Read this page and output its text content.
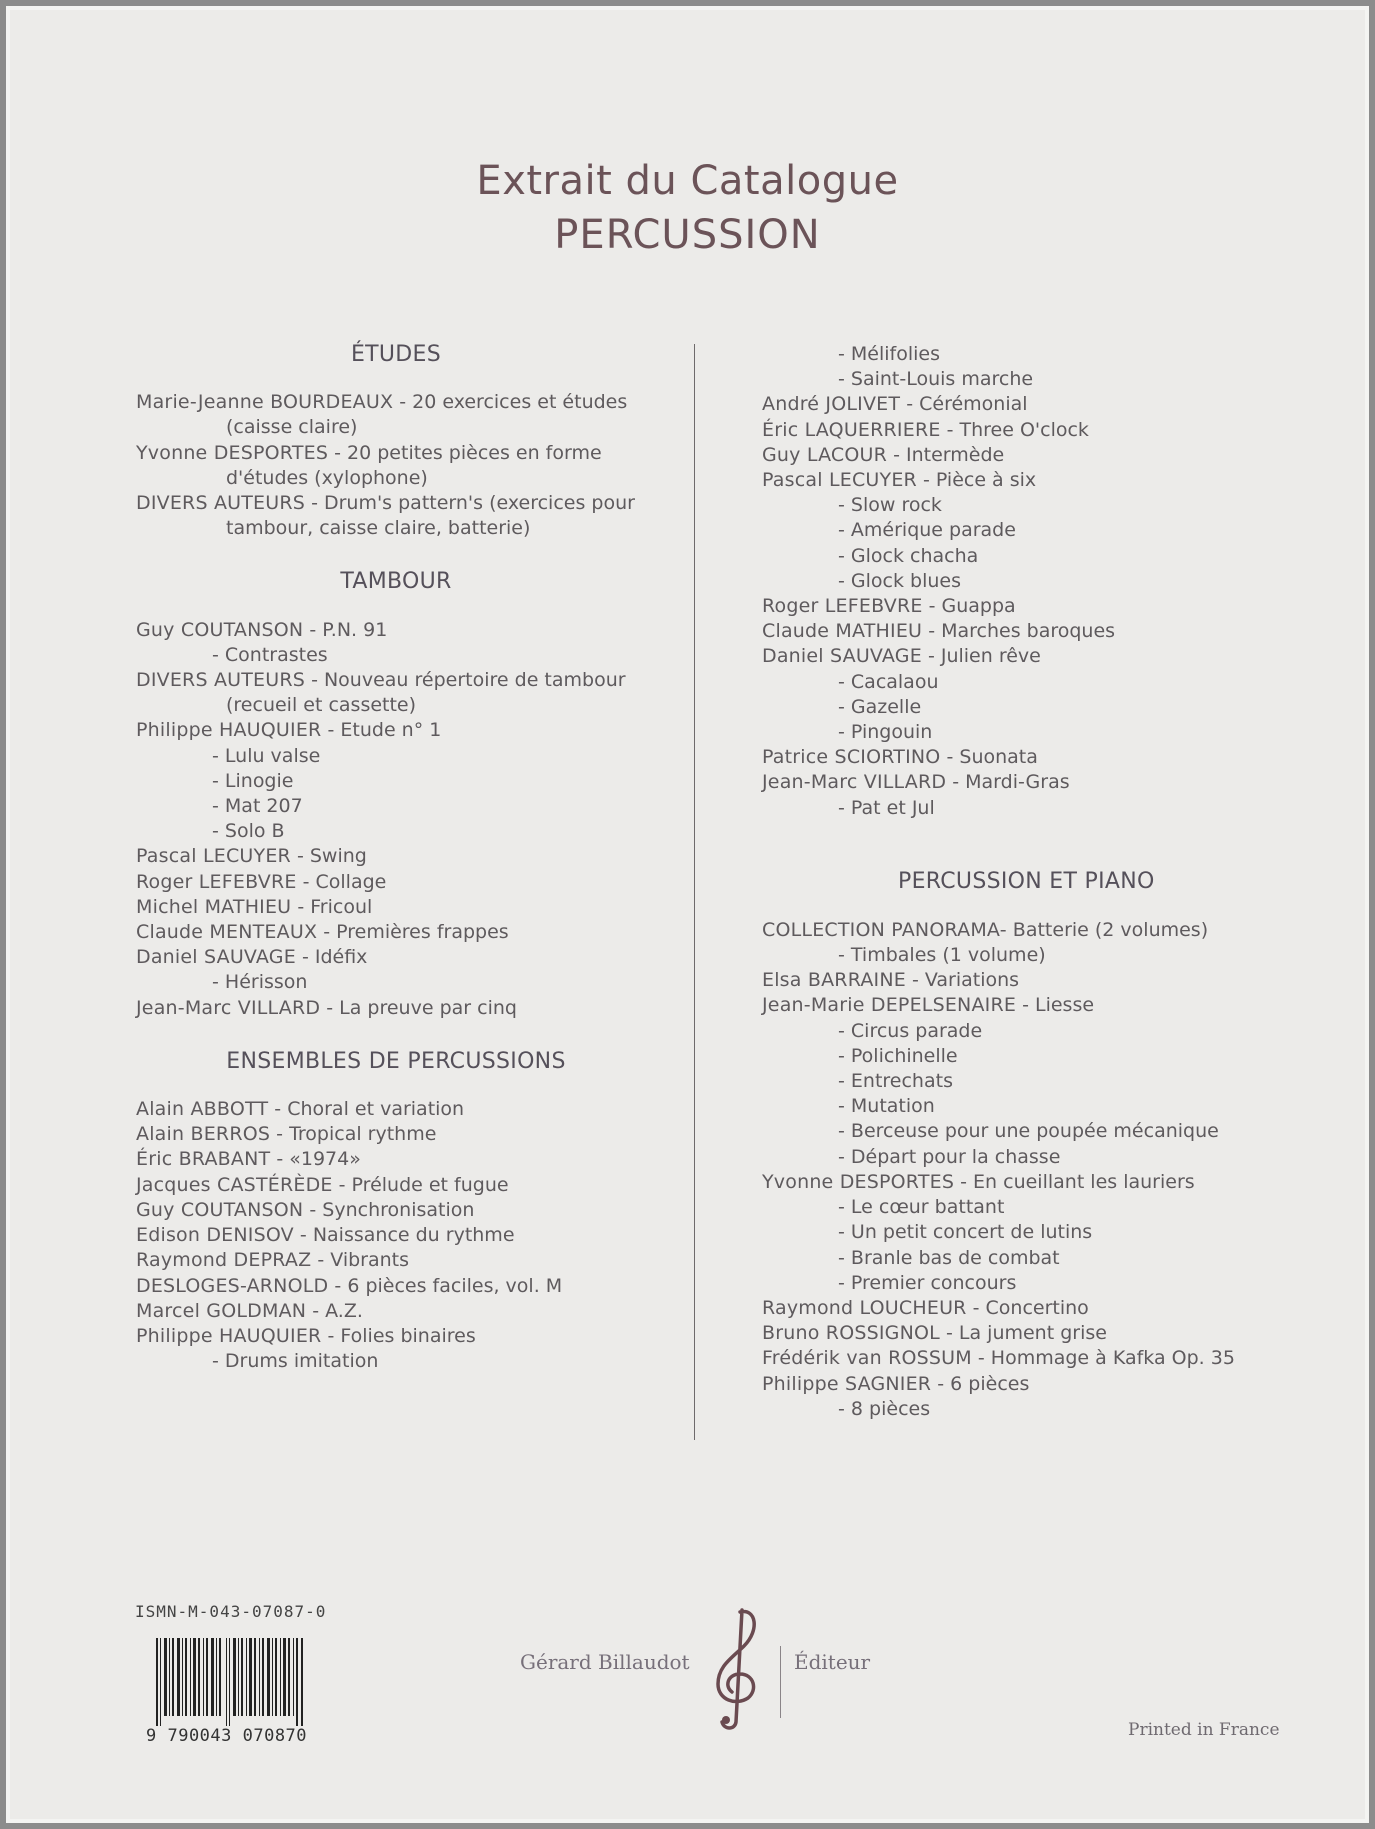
Extrait du Catalogue
PERCUSSION
ÉTUDES
Marie-Jeanne BOURDEAUX - 20 exercices et études
(caisse claire)
Yvonne DESPORTES - 20 petites pièces en forme
d'études (xylophone)
DIVERS AUTEURS - Drum's pattern's (exercices pour
tambour, caisse claire, batterie)
TAMBOUR
Guy COUTANSON - P.N. 91
- Contrastes
DIVERS AUTEURS - Nouveau répertoire de tambour
(recueil et cassette)
Philippe HAUQUIER - Etude n° 1
- Lulu valse
- Linogie
- Mat 207
- Solo B
Pascal LECUYER - Swing
Roger LEFEBVRE - Collage
Michel MATHIEU - Fricoul
Claude MENTEAUX - Premières frappes
Daniel SAUVAGE - Idéfix
- Hérisson
Jean-Marc VILLARD - La preuve par cinq
ENSEMBLES DE PERCUSSIONS
Alain ABBOTT - Choral et variation
Alain BERROS - Tropical rythme
Éric BRABANT - «1974»
Jacques CASTÉRÈDE - Prélude et fugue
Guy COUTANSON - Synchronisation
Edison DENISOV - Naissance du rythme
Raymond DEPRAZ - Vibrants
DESLOGES-ARNOLD - 6 pièces faciles, vol. M
Marcel GOLDMAN - A.Z.
Philippe HAUQUIER - Folies binaires
- Drums imitation
- Mélifolies
- Saint-Louis marche
André JOLIVET - Cérémonial
Éric LAQUERRIERE - Three O'clock
Guy LACOUR - Intermède
Pascal LECUYER - Pièce à six
- Slow rock
- Amérique parade
- Glock chacha
- Glock blues
Roger LEFEBVRE - Guappa
Claude MATHIEU - Marches baroques
Daniel SAUVAGE - Julien rêve
- Cacalaou
- Gazelle
- Pingouin
Patrice SCIORTINO - Suonata
Jean-Marc VILLARD - Mardi-Gras
- Pat et Jul
PERCUSSION ET PIANO
COLLECTION PANORAMA- Batterie (2 volumes)
- Timbales (1 volume)
Elsa BARRAINE - Variations
Jean-Marie DEPELSENAIRE - Liesse
- Circus parade
- Polichinelle
- Entrechats
- Mutation
- Berceuse pour une poupée mécanique
- Départ pour la chasse
Yvonne DESPORTES - En cueillant les lauriers
- Le cœur battant
- Un petit concert de lutins
- Branle bas de combat
- Premier concours
Raymond LOUCHEUR - Concertino
Bruno ROSSIGNOL - La jument grise
Frédérik van ROSSUM - Hommage à Kafka Op. 35
Philippe SAGNIER - 6 pièces
- 8 pièces
ISMN-M-043-07087-0
9 790043 070870
Gérard Billaudot	Éditeur
Printed in France
